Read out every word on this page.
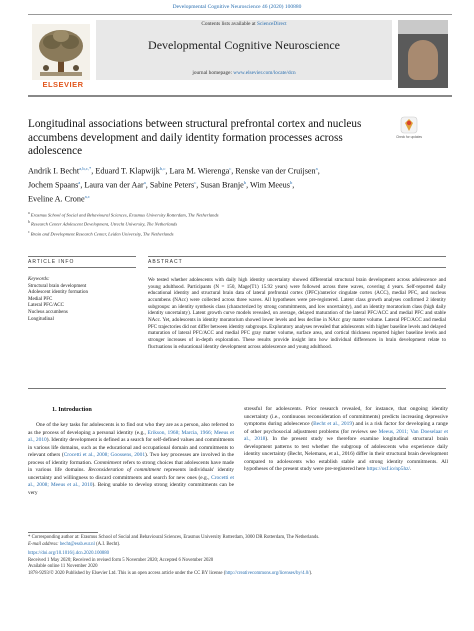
Developmental Cognitive Neuroscience 46 (2020) 100880
ELSEVIER
Contents lists available at ScienceDirect
Developmental Cognitive Neuroscience
journal homepage: www.elsevier.com/locate/dcn
Longitudinal associations between structural prefrontal cortex and nucleus accumbens development and daily identity formation processes across adolescence
Check for updates
Andrik I. Becht$^{a,b,c,*}$, Eduard T. Klapwijk$^{b,c}$, Lara M. Wierenga$^c$, Renske van der Cruijsen$^a$,
Jochem Spaans$^a$, Laura van der Aar$^a$, Sabine Peters$^c$, Susan Branje$^b$, Wim Meeus$^b$,
Eveline A. Crone$^{a,c}$
$^a$ Erasmus School of Social and Behavioural Sciences, Erasmus University Rotterdam, The Netherlands
$^b$ Research Center Adolescent Development, Utrecht University, The Netherlands
$^c$ Brain and Development Research Center, Leiden University, The Netherlands
ARTICLE INFO	ABSTRACT
Keywords:
Structural brain development
Adolescent identity formation
Medial PFC
Lateral PFC/ACC
Nucleus accumbens
Longitudinal
We tested whether adolescents with daily high identity uncertainty showed differential structural brain development across adolescence and young adulthood. Participants (N = 150, Mage(T1) 15.92 years) were followed across three waves, covering 4 years. Self-reported daily educational identity and structural brain data of lateral prefrontal cortex (lPFC)/anterior cingulate cortex (ACC), medial PFC, and nucleus accumbens (NAcc) were collected across three waves. All hypotheses were pre-registered. Latent class growth analyses confirmed 2 identity subgroups: an identity synthesis class (characterized by strong commitments, and low uncertainty), and an identity moratorium class (high daily identity uncertainty). Latent growth curve models revealed, on average, delayed maturation of the lateral PFC/ACC and medial PFC and stable NAcc. Yet, adolescents in identity moratorium showed lower levels and less decline in NAcc gray matter volume. Lateral PFC/ACC and medial PFC trajectories did not differ between identity subgroups. Exploratory analyses revealed that adolescents with higher baseline levels and delayed maturation of lateral PFC/ACC and medial PFC gray matter volume, surface area, and cortical thickness reported higher baseline levels and stronger increases of in-depth exploration. These results provide insight into how individual differences in brain development relate to fluctuations in educational identity development across adolescence and young adulthood.
1. Introduction
One of the key tasks for adolescents is to find out who they are as a person, also referred to as the process of developing a personal identity (e.g., Erikson, 1968; Marcia, 1966; Meeus et al., 2010). Identity development is defined as a search for self-defined values and commitments in various life domains, such as the educational and occupational domain and commitments to relevant others (Crocetti et al., 2008; Goossens, 2001). Two key processes are involved in the process of identity formation. Commitment refers to strong choices that adolescents have made in various life domains. Reconsideration of commitment represents individuals' identity uncertainty and willingness to discard commitments and search for new ones (e.g., Crocetti et al., 2008; Meeus et al., 2010). Being unable to develop strong identity commitments can be very
stressful for adolescents. Prior research revealed, for instance, that ongoing identity uncertainty (i.e., continuous reconsideration of commitments) predicts increasing depressive symptoms during adolescence (Becht et al., 2019) and is a risk factor for developing a range of other psychosocial adjustment problems (for reviews see Meeus, 2011; Van Doeselaar et al., 2018). In the present study we therefore examine longitudinal structural brain development patterns to test whether the subgroup of adolescents who experience daily identity uncertainty (Becht, Nelemans, et al., 2016) differ in their structural brain development compared to adolescents who establish stable and strong identity commitments. All hypotheses of the present study were pre-registered here https://osf.io/np5hz/.
* Corresponding author at: Erasmus School of Social and Behavioural Sciences, Erasmus University Rotterdam, 3000 DR Rotterdam, The Netherlands.
E-mail address: becht@essb.eur.nl (A.I. Becht).
https://doi.org/10.1016/j.dcn.2020.100880
Received 1 May 2020; Received in revised form 5 November 2020; Accepted 6 November 2020
Available online 11 November 2020
1878-9293/© 2020 Published by Elsevier Ltd. This is an open access article under the CC BY license (http://creativecommons.org/licenses/by/4.0/).
